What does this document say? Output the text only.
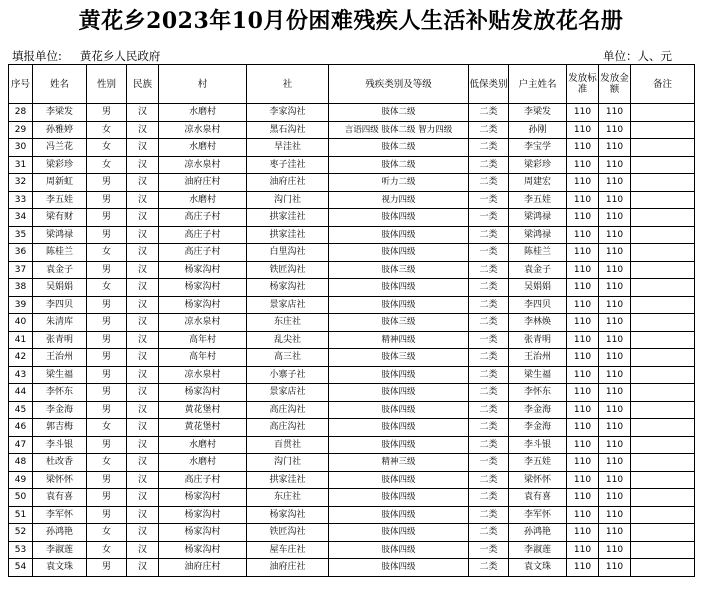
黄花乡2023年10月份困难残疾人生活补贴发放花名册
填报单位: 黄花乡人民政府	单位：人、元
序号	姓名	性别	民族	村	社	残疾类别及等级	低保类别	户主姓名	发放标准	发放金额	备注
28	李梁发	男	汉	水磨村	李家沟社	肢体二级	二类	李梁发	110	110	
29	孙雅婷	女	汉	凉水泉村	黑石沟社	言语四级 肢体二级 智力四级	二类	孙刚	110	110	
30	冯兰花	女	汉	水磨村	旱洼社	肢体二级	二类	李宝学	110	110	
31	梁彩珍	女	汉	凉水泉村	枣子洼社	肢体二级	二类	梁彩珍	110	110	
32	周新虹	男	汉	油府庄村	油府庄社	听力二级	二类	周建宏	110	110	
33	李五娃	男	汉	水磨村	沟门社	视力四级	一类	李五娃	110	110	
34	梁有财	男	汉	高庄子村	拱家洼社	肢体四级	一类	梁鸿禄	110	110	
35	梁鸿禄	男	汉	高庄子村	拱家洼社	肢体四级	二类	梁鸿禄	110	110	
36	陈桂兰	女	汉	高庄子村	白里沟社	肢体四级	一类	陈桂兰	110	110	
37	袁金子	男	汉	杨家沟村	铁匠沟社	肢体三级	二类	袁金子	110	110	
38	吴娟娟	女	汉	杨家沟村	杨家沟社	肢体四级	二类	吴娟娟	110	110	
39	李四贝	男	汉	杨家沟村	景家店社	肢体四级	二类	李四贝	110	110	
40	朱清库	男	汉	凉水泉村	东庄社	肢体三级	二类	李林焕	110	110	
41	张青明	男	汉	高年村	乱尖社	精神四级	一类	张青明	110	110	
42	王治州	男	汉	高年村	高三社	肢体三级	二类	王治州	110	110	
43	梁生福	男	汉	凉水泉村	小寨子社	肢体四级	二类	梁生福	110	110	
44	李怀东	男	汉	杨家沟村	景家店社	肢体四级	二类	李怀东	110	110	
45	李金海	男	汉	黄花堡村	高庄沟社	肢体四级	二类	李金海	110	110	
46	郭吉梅	女	汉	黄花堡村	高庄沟社	肢体四级	二类	李金海	110	110	
47	李斗银	男	汉	水磨村	百贯社	肢体四级	二类	李斗银	110	110	
48	杜改香	女	汉	水磨村	沟门社	精神三级	一类	李五娃	110	110	
49	梁怀怀	男	汉	高庄子村	拱家洼社	肢体四级	二类	梁怀怀	110	110	
50	袁有喜	男	汉	杨家沟村	东庄社	肢体四级	二类	袁有喜	110	110	
51	李军怀	男	汉	杨家沟村	杨家沟社	肢体四级	二类	李军怀	110	110	
52	孙鸿艳	女	汉	杨家沟村	铁匠沟社	肢体四级	二类	孙鸿艳	110	110	
53	李淑莲	女	汉	杨家沟村	屋车庄社	肢体四级	一类	李淑莲	110	110	
54	袁文珠	男	汉	油府庄村	油府庄社	肢体四级	二类	袁文珠	110	110	
